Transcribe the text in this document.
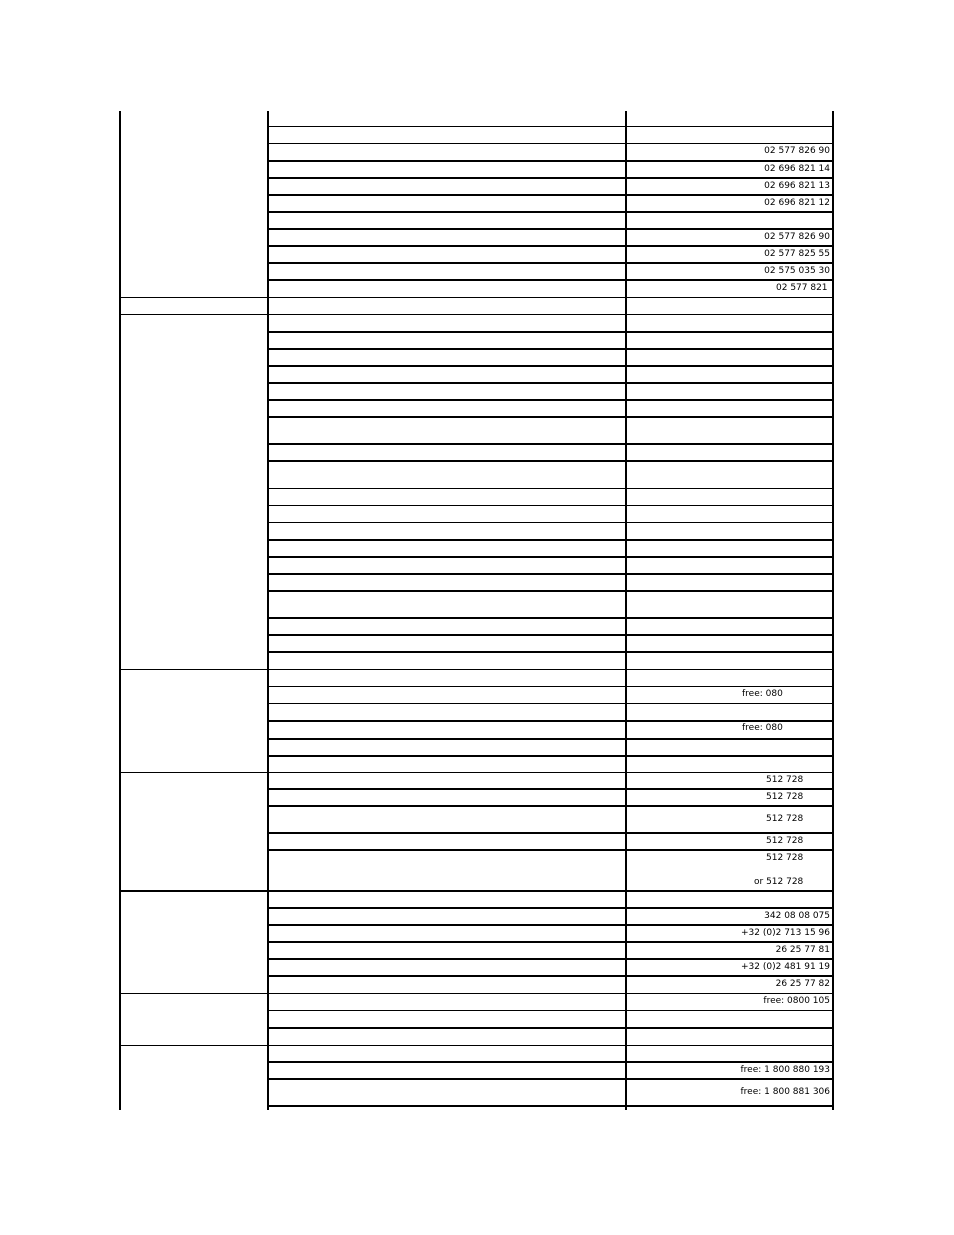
02 577 826 90
02 696 821 14
02 696 821 13
02 696 821 12
02 577 826 90
02 577 825 55
02 575 035 30
02 577 821
free: 080
free: 080
512 728
512 728
512 728
512 728
512 728
or 512 728
342 08 08 075
+32 (0)2 713 15 96
26 25 77 81
+32 (0)2 481 91 19
26 25 77 82
free: 0800 105
free: 1 800 880 193
free: 1 800 881 306
